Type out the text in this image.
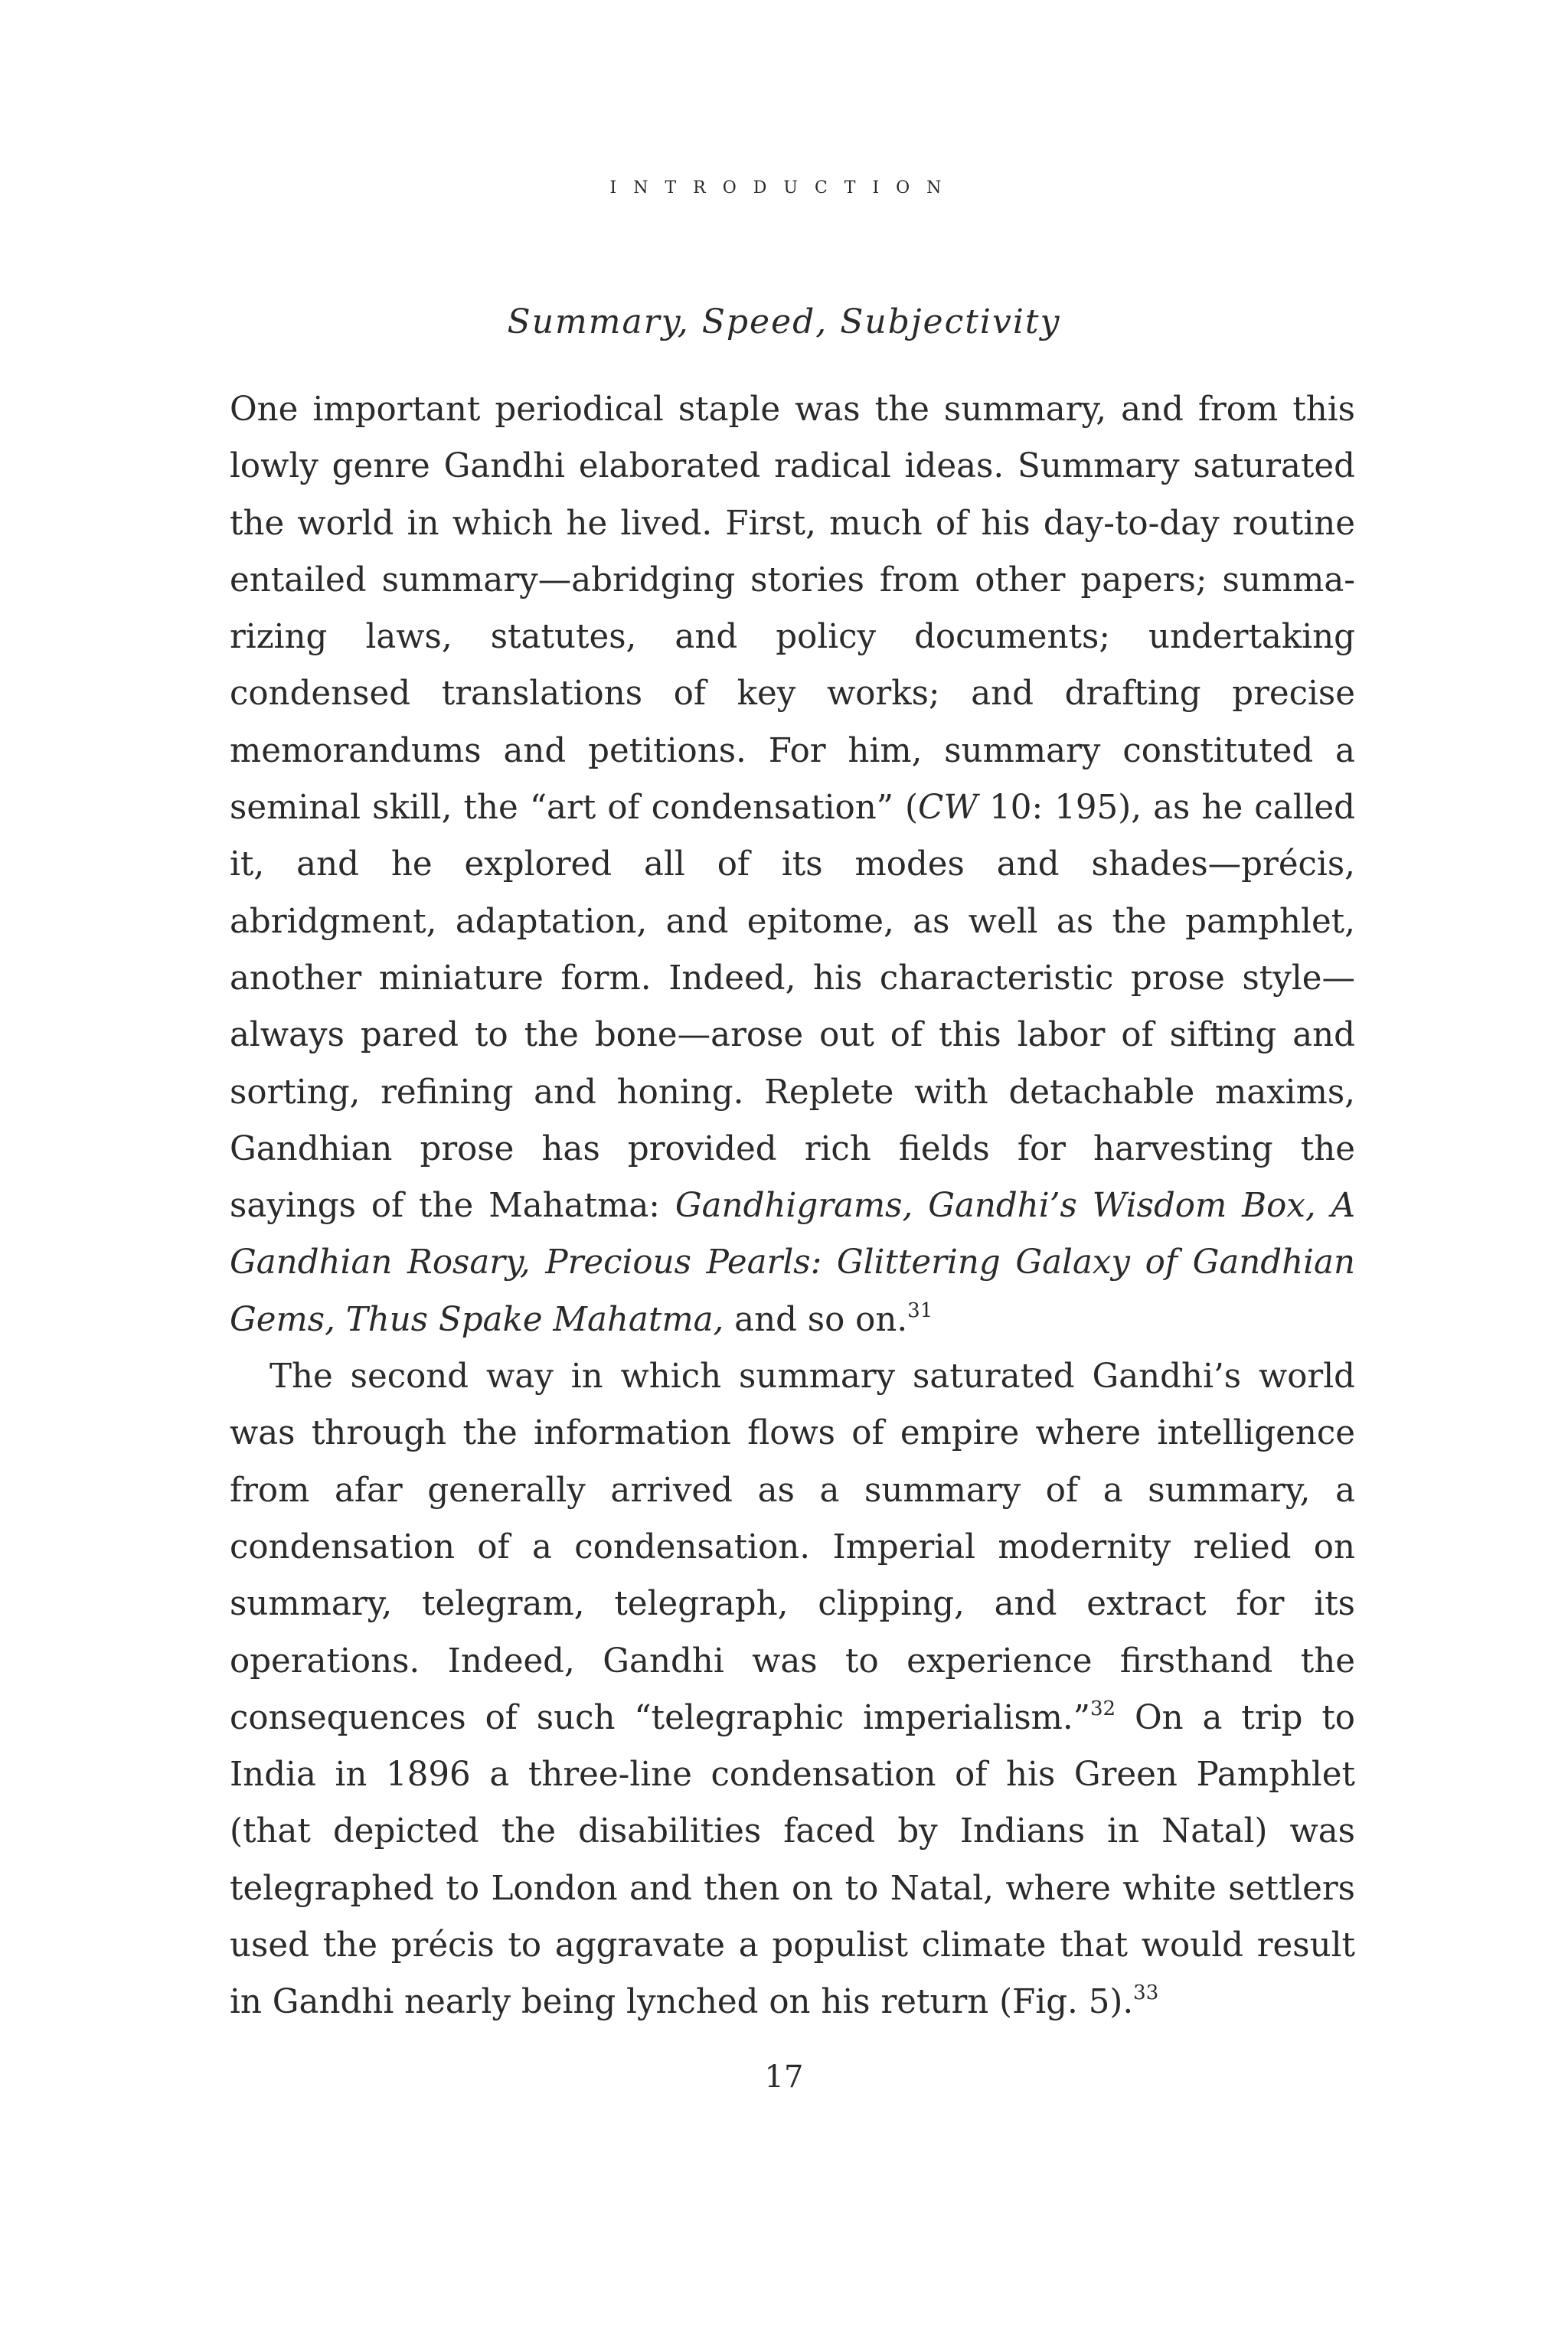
introduction
Summary, Speed, Subjectivity

One important periodical staple was the summary, and from this lowly genre Gandhi elaborated radical ideas. Summary saturated the world in which he lived. First, much of his day-to-day routine entailed summary—abridging stories from other papers; summarizing laws, statutes, and policy documents; undertaking condensed translations of key works; and drafting precise memorandums and petitions. For him, summary constituted a seminal skill, the “art of condensation” (CW 10: 195), as he called it, and he explored all of its modes and shades—précis, abridgment, adaptation, and epitome, as well as the pamphlet, another miniature form. Indeed, his characteristic prose style—always pared to the bone—arose out of this labor of sifting and sorting, refining and honing. Replete with detachable maxims, Gandhian prose has provided rich fields for harvesting the sayings of the Mahatma: Gandhigrams, Gandhi’s Wisdom Box, A Gandhian Rosary, Precious Pearls: Glittering Galaxy of Gandhian Gems, Thus Spake Mahatma, and so on.$^{31}$

The second way in which summary saturated Gandhi’s world was through the information flows of empire where intelligence from afar generally arrived as a summary of a summary, a condensation of a condensation. Imperial modernity relied on summary, telegram, telegraph, clipping, and extract for its operations. Indeed, Gandhi was to experience firsthand the consequences of such “telegraphic imperialism.”$^{32}$ On a trip to India in 1896 a three-line condensation of his Green Pamphlet (that depicted the disabilities faced by Indians in Natal) was telegraphed to London and then on to Natal, where white settlers used the précis to aggravate a populist climate that would result in Gandhi nearly being lynched on his return (Fig. 5).$^{33}$

17
